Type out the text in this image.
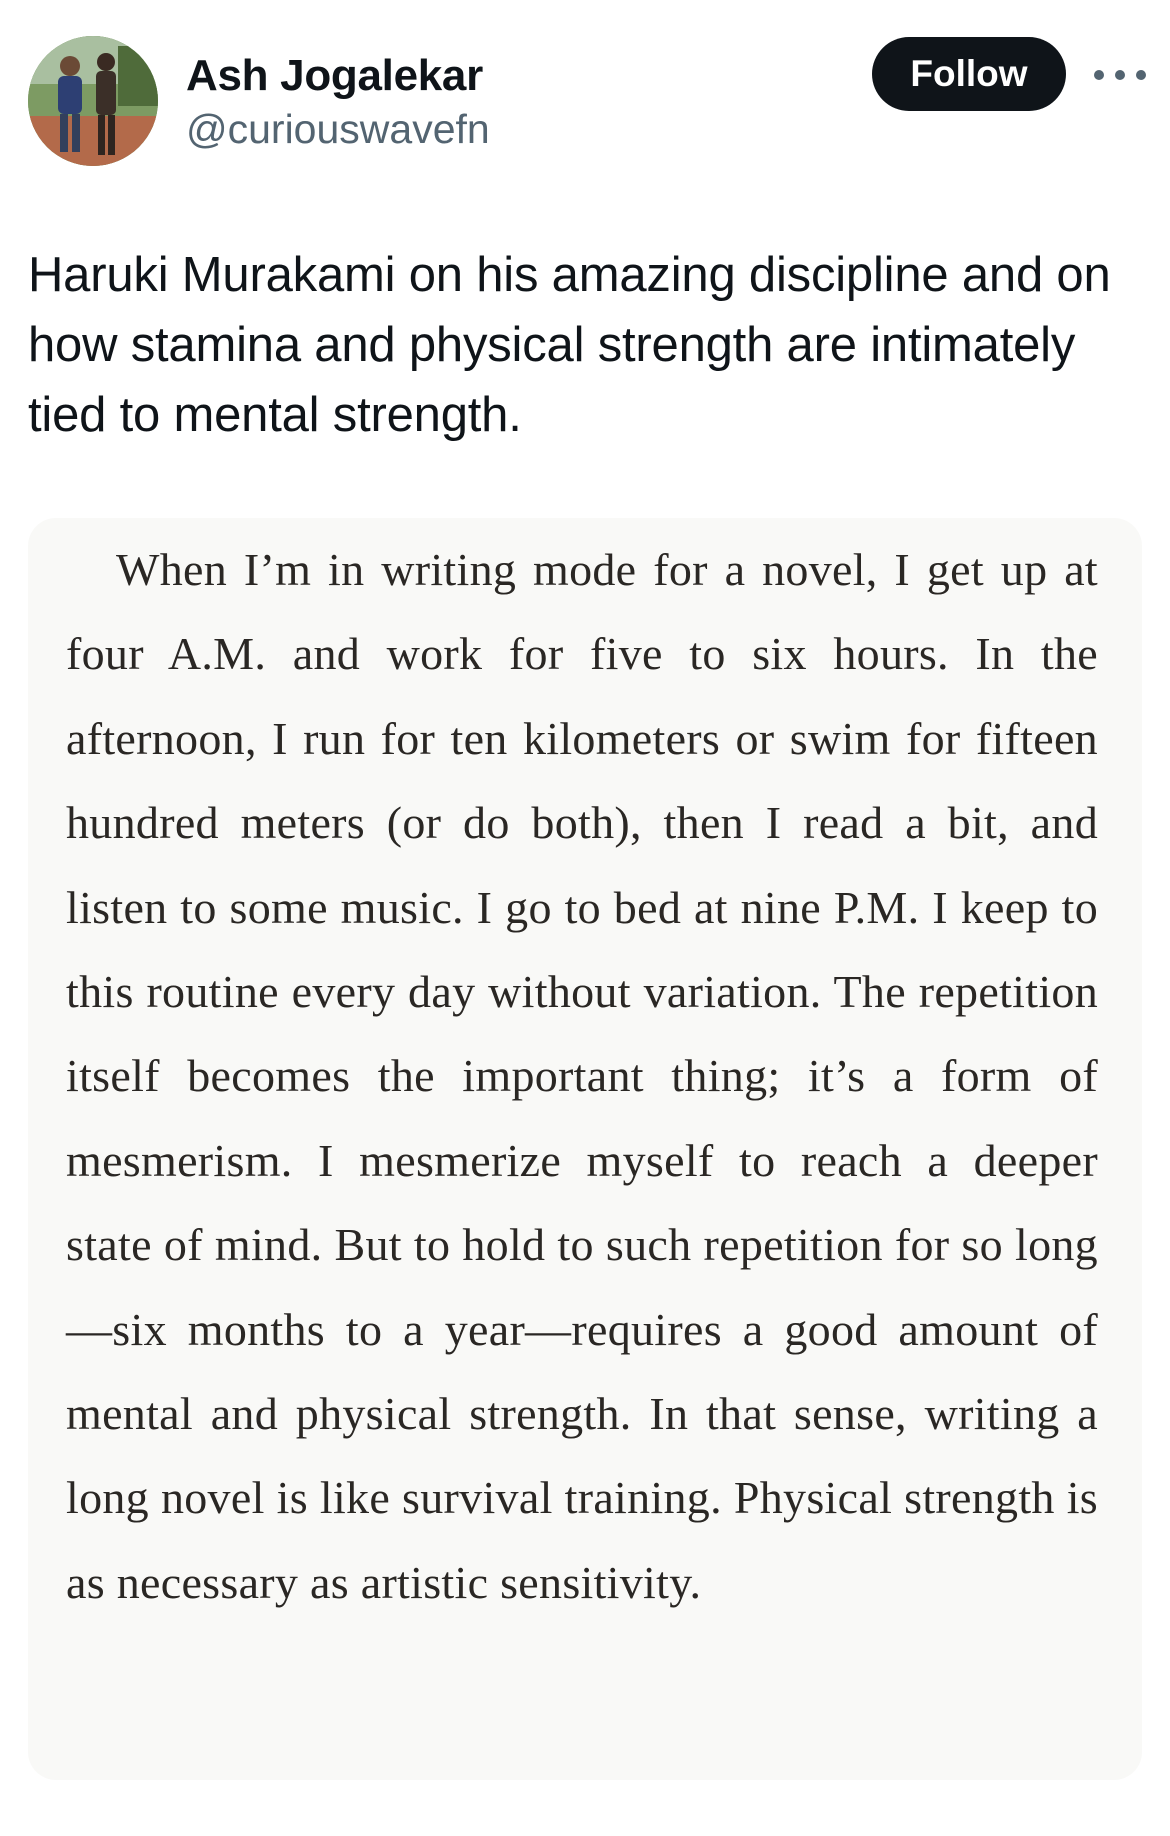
Ash Jogalekar
@curiouswavefn
Follow

Haruki Murakami on his amazing discipline and on how stamina and physical strength are intimately tied to mental strength.

When I’m in writing mode for a novel, I get up at four A.M. and work for five to six hours. In the afternoon, I run for ten kilometers or swim for fifteen hundred meters (or do both), then I read a bit, and listen to some music. I go to bed at nine P.M. I keep to this routine every day without variation. The repetition itself becomes the important thing; it’s a form of mesmerism. I mesmerize myself to reach a deeper state of mind. But to hold to such repetition for so long —six months to a year—requires a good amount of mental and physical strength. In that sense, writing a long novel is like survival training. Physical strength is as necessary as artistic sensitivity.
